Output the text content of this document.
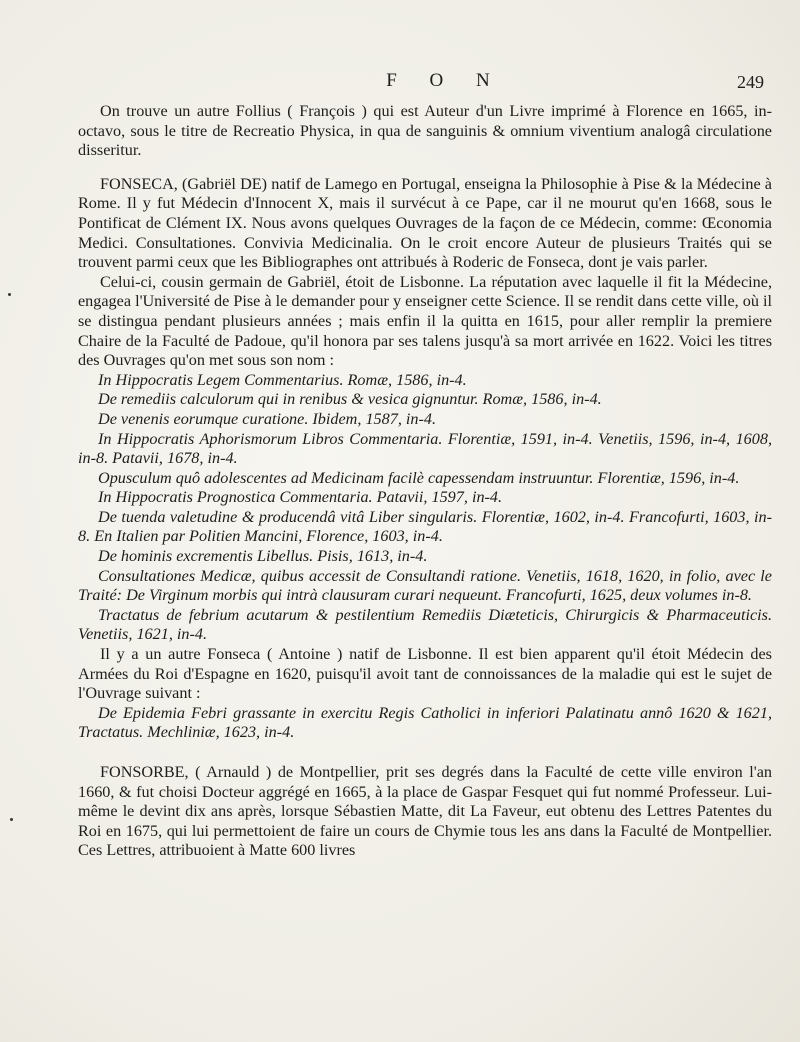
F O N	249

On trouve un autre Follius ( François ) qui est Auteur d'un Livre imprimé à Florence en 1665, in-octavo, sous le titre de Recreatio Physica, in qua de sanguinis & omnium viventium analogâ circulatione disseritur.

FONSECA, (Gabriël DE) natif de Lamego en Portugal, enseigna la Philosophie à Pise & la Médecine à Rome. Il y fut Médecin d'Innocent X, mais il survécut à ce Pape, car il ne mourut qu'en 1668, sous le Pontificat de Clément IX. Nous avons quelques Ouvrages de la façon de ce Médecin, comme: Œconomia Medici. Consultationes. Convivia Medicinalia. On le croit encore Auteur de plusieurs Traités qui se trouvent parmi ceux que les Bibliographes ont attribués à Roderic de Fonseca, dont je vais parler.

Celui-ci, cousin germain de Gabriël, étoit de Lisbonne. La réputation avec laquelle il fit la Médecine, engagea l'Université de Pise à le demander pour y enseigner cette Science. Il se rendit dans cette ville, où il se distingua pendant plusieurs années ; mais enfin il la quitta en 1615, pour aller remplir la premiere Chaire de la Faculté de Padoue, qu'il honora par ses talens jusqu'à sa mort arrivée en 1622. Voici les titres des Ouvrages qu'on met sous son nom :

In Hippocratis Legem Commentarius. Romæ, 1586, in-4.

De remediis calculorum qui in renibus & vesica gignuntur. Romæ, 1586, in-4.

De venenis eorumque curatione. Ibidem, 1587, in-4.

In Hippocratis Aphorismorum Libros Commentaria. Florentiæ, 1591, in-4. Venetiis, 1596, in-4, 1608, in-8. Patavii, 1678, in-4.

Opusculum quô adolescentes ad Medicinam facilè capessendam instruuntur. Florentiæ, 1596, in-4.

In Hippocratis Prognostica Commentaria. Patavii, 1597, in-4.

De tuenda valetudine & producendâ vitâ Liber singularis. Florentiæ, 1602, in-4. Francofurti, 1603, in-8. En Italien par Politien Mancini, Florence, 1603, in-4.

De hominis excrementis Libellus. Pisis, 1613, in-4.

Consultationes Medicæ, quibus accessit de Consultandi ratione. Venetiis, 1618, 1620, in folio, avec le Traité: De Virginum morbis qui intrà clausuram curari nequeunt. Francofurti, 1625, deux volumes in-8.

Tractatus de febrium acutarum & pestilentium Remediis Diæteticis, Chirurgicis & Pharmaceuticis. Venetiis, 1621, in-4.

Il y a un autre Fonseca ( Antoine ) natif de Lisbonne. Il est bien apparent qu'il étoit Médecin des Armées du Roi d'Espagne en 1620, puisqu'il avoit tant de connoissances de la maladie qui est le sujet de l'Ouvrage suivant :

De Epidemia Febri grassante in exercitu Regis Catholici in inferiori Palatinatu annô 1620 & 1621, Tractatus. Mechliniæ, 1623, in-4.

FONSORBE, ( Arnauld ) de Montpellier, prit ses degrés dans la Faculté de cette ville environ l'an 1660, & fut choisi Docteur aggrégé en 1665, à la place de Gaspar Fesquet qui fut nommé Professeur. Lui-même le devint dix ans après, lorsque Sébastien Matte, dit La Faveur, eut obtenu des Lettres Patentes du Roi en 1675, qui lui permettoient de faire un cours de Chymie tous les ans dans la Faculté de Montpellier. Ces Lettres, attribuoient à Matte 600 livres
